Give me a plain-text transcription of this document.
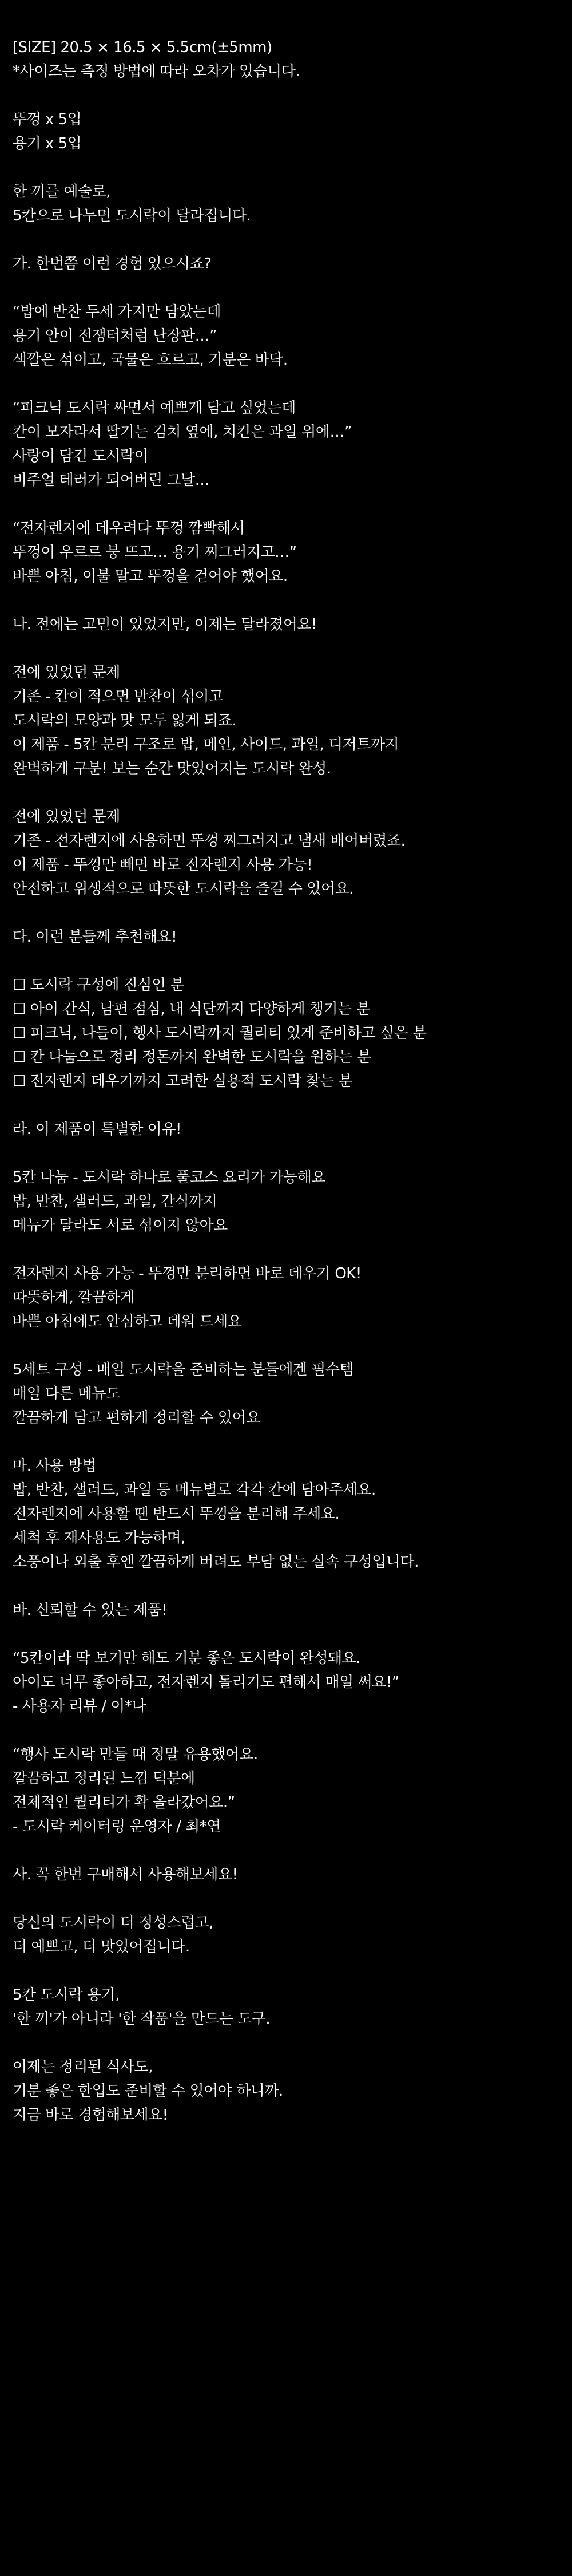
[SIZE] 20.5 × 16.5 × 5.5cm(±5mm)
*사이즈는 측정 방법에 따라 오차가 있습니다.
뚜껑 x 5입
용기 x 5입
한 끼를 예술로,
5칸으로 나누면 도시락이 달라집니다.
가. 한번쯤 이런 경험 있으시죠?
“밥에 반찬 두세 가지만 담았는데
용기 안이 전쟁터처럼 난장판…”
색깔은 섞이고, 국물은 흐르고, 기분은 바닥.
“피크닉 도시락 싸면서 예쁘게 담고 싶었는데
칸이 모자라서 딸기는 김치 옆에, 치킨은 과일 위에…”
사랑이 담긴 도시락이
비주얼 테러가 되어버린 그날…
“전자렌지에 데우려다 뚜껑 깜빡해서
뚜껑이 우르르 붕 뜨고… 용기 찌그러지고…”
바쁜 아침, 이불 말고 뚜껑을 걷어야 했어요.
나. 전에는 고민이 있었지만, 이제는 달라졌어요!
전에 있었던 문제
기존 - 칸이 적으면 반찬이 섞이고
도시락의 모양과 맛 모두 잃게 되죠.
이 제품 - 5칸 분리 구조로 밥, 메인, 사이드, 과일, 디저트까지
완벽하게 구분! 보는 순간 맛있어지는 도시락 완성.
전에 있었던 문제
기존 - 전자렌지에 사용하면 뚜껑 찌그러지고 냄새 배어버렸죠.
이 제품 - 뚜껑만 빼면 바로 전자렌지 사용 가능!
안전하고 위생적으로 따뜻한 도시락을 즐길 수 있어요.
다. 이런 분들께 추천해요!
☐ 도시락 구성에 진심인 분
☐ 아이 간식, 남편 점심, 내 식단까지 다양하게 챙기는 분
☐ 피크닉, 나들이, 행사 도시락까지 퀄리티 있게 준비하고 싶은 분
☐ 칸 나눔으로 정리 정돈까지 완벽한 도시락을 원하는 분
☐ 전자렌지 데우기까지 고려한 실용적 도시락 찾는 분
라. 이 제품이 특별한 이유!
5칸 나눔 - 도시락 하나로 풀코스 요리가 가능해요
밥, 반찬, 샐러드, 과일, 간식까지
메뉴가 달라도 서로 섞이지 않아요
전자렌지 사용 가능 - 뚜껑만 분리하면 바로 데우기 OK!
따뜻하게, 깔끔하게
바쁜 아침에도 안심하고 데워 드세요
5세트 구성 - 매일 도시락을 준비하는 분들에겐 필수템
매일 다른 메뉴도
깔끔하게 담고 편하게 정리할 수 있어요
마. 사용 방법
밥, 반찬, 샐러드, 과일 등 메뉴별로 각각 칸에 담아주세요.
전자렌지에 사용할 땐 반드시 뚜껑을 분리해 주세요.
세척 후 재사용도 가능하며,
소풍이나 외출 후엔 깔끔하게 버려도 부담 없는 실속 구성입니다.
바. 신뢰할 수 있는 제품!
“5칸이라 딱 보기만 해도 기분 좋은 도시락이 완성돼요.
아이도 너무 좋아하고, 전자렌지 돌리기도 편해서 매일 써요!”
- 사용자 리뷰 / 이*나
“행사 도시락 만들 때 정말 유용했어요.
깔끔하고 정리된 느낌 덕분에
전체적인 퀄리티가 확 올라갔어요.”
- 도시락 케이터링 운영자 / 최*연
사. 꼭 한번 구매해서 사용해보세요!
당신의 도시락이 더 정성스럽고,
더 예쁘고, 더 맛있어집니다.
5칸 도시락 용기,
'한 끼'가 아니라 '한 작품'을 만드는 도구.
이제는 정리된 식사도,
기분 좋은 한입도 준비할 수 있어야 하니까.
지금 바로 경험해보세요!
